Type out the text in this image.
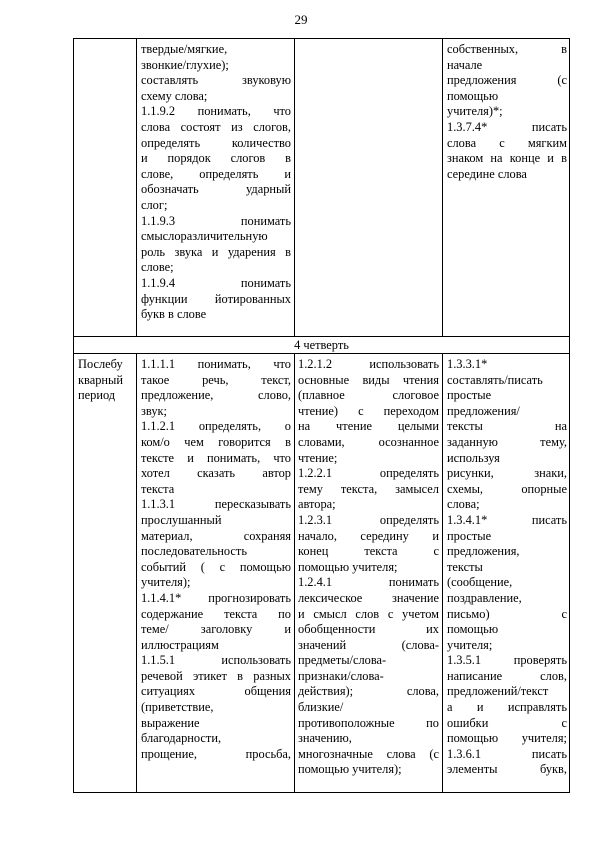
29
твердые/мягкие,
звонкие/глухие);
составлять звуковую
схему слова;
1.1.9.2 понимать, что
слова состоят из слогов,
определять количество
и порядок слогов в
слове, определять и
обозначать ударный
слог;
1.1.9.3 понимать
смыслоразличительную
роль звука и ударения в
слове;
1.1.9.4 понимать
функции йотированных
букв в слове
собственных, в
начале
предложения (с
помощью
учителя)*;
1.3.7.4* писать
слова с мягким
знаком на конце и в
середине слова
4 четверть
Послебу
кварный
период
1.1.1.1 понимать, что
такое речь, текст,
предложение, слово,
звук;
1.1.2.1 определять, о
ком/о чем говорится в
тексте и понимать, что
хотел сказать автор
текста
1.1.3.1 пересказывать
прослушанный
материал, сохраняя
последовательность
событий ( с помощью
учителя);
1.1.4.1* прогнозировать
содержание текста по
теме/ заголовку и
иллюстрациям
1.1.5.1 использовать
речевой этикет в разных
ситуациях общения
(приветствие,
выражение
благодарности,
прощение, просьба,
1.2.1.2 использовать
основные виды чтения
(плавное слоговое
чтение) с переходом
на чтение целыми
словами, осознанное
чтение;
1.2.2.1 определять
тему текста, замысел
автора;
1.2.3.1 определять
начало, середину и
конец текста с
помощью учителя;
1.2.4.1 понимать
лексическое значение
и смысл слов с учетом
обобщенности их
значений (слова-
предметы/слова-
признаки/слова-
действия); слова,
близкие/
противоположные по
значению,
многозначные слова (с
помощью учителя);
1.3.3.1*
составлять/писать
простые
предложения/
тексты на
заданную тему,
используя
рисунки, знаки,
схемы, опорные
слова;
1.3.4.1* писать
простые
предложения,
тексты
(сообщение,
поздравление,
письмо) с
помощью
учителя;
1.3.5.1 проверять
написание слов,
предложений/текст
а и исправлять
ошибки с
помощью учителя;
1.3.6.1 писать
элементы букв,
